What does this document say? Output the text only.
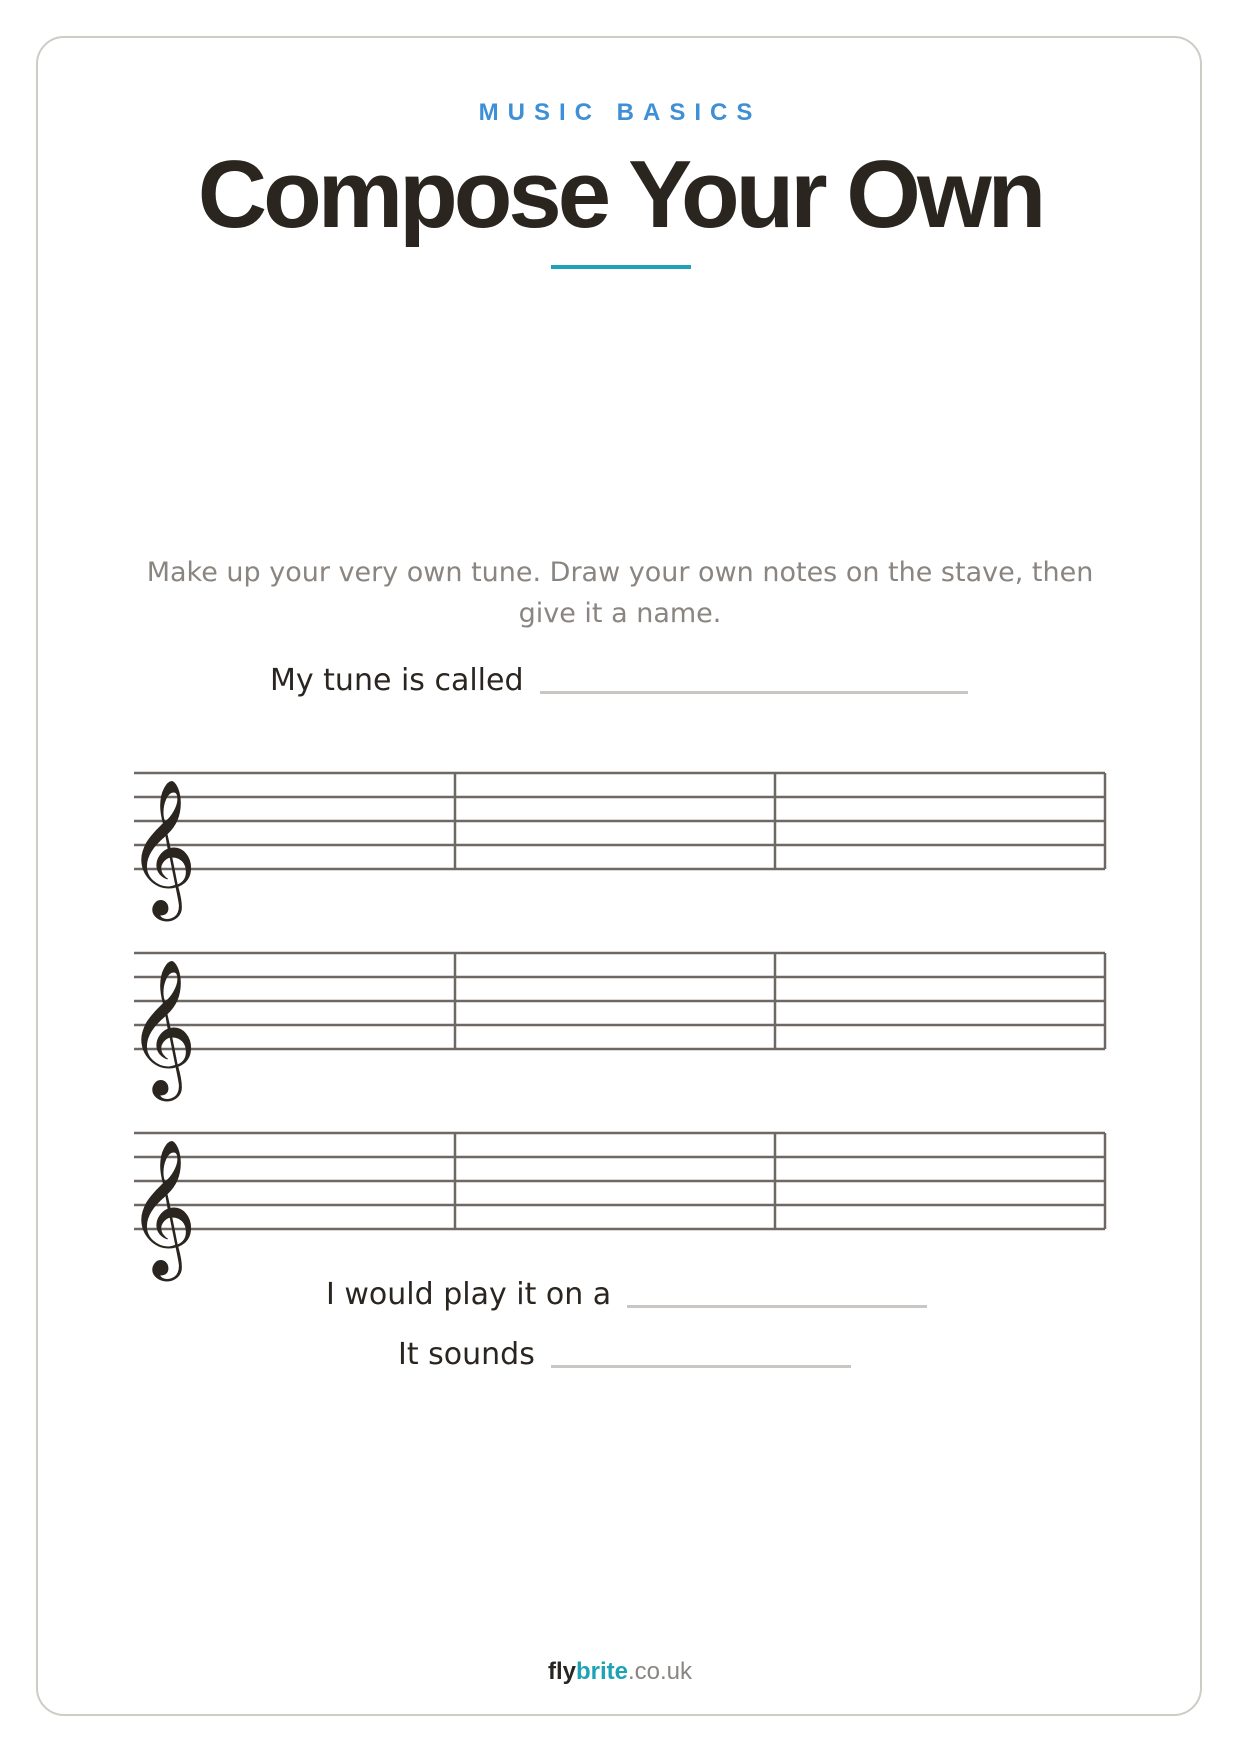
MUSIC BASICS
Compose Your Own
Make up your very own tune. Draw your own notes on the stave, then give it a name.
My tune is called
𝄞
𝄞
𝄞
I would play it on a
It sounds
flybrite.co.uk
